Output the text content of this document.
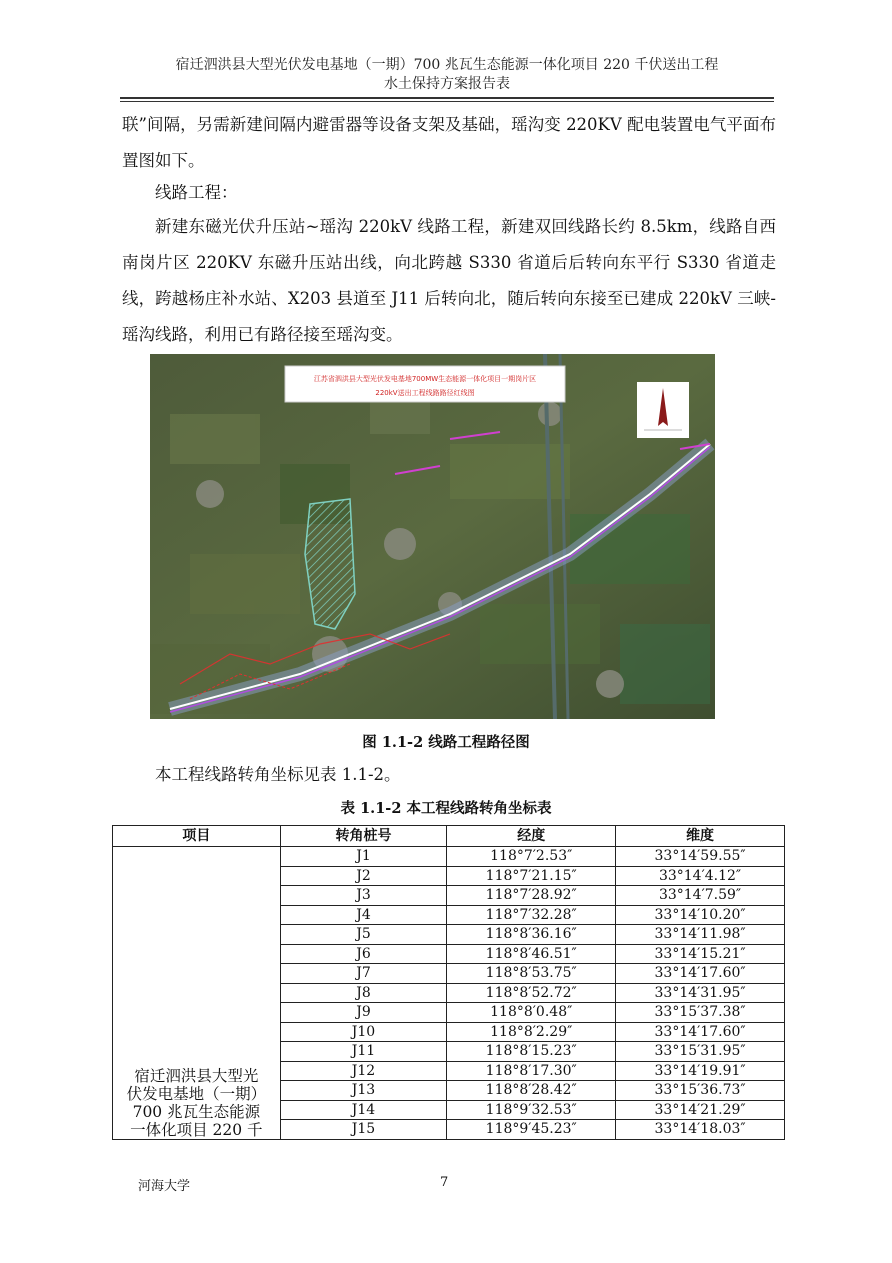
宿迁泗洪县大型光伏发电基地（一期）700 兆瓦生态能源一体化项目 220 千伏送出工程
水土保持方案报告表
联”间隔，另需新建间隔内避雷器等设备支架及基础，瑶沟变 220KV 配电装置电气平面布置图如下。
线路工程：
新建东磁光伏升压站~瑶沟 220kV 线路工程，新建双回线路长约 8.5km，线路自西南岗片区 220KV 东磁升压站出线，向北跨越 S330 省道后后转向东平行 S330 省道走线，跨越杨庄补水站、X203 县道至 J11 后转向北，随后转向东接至已建成 220kV 三峡-瑶沟线路，利用已有路径接至瑶沟变。
江苏省泗洪县大型光伏发电基地700MW生态能源一体化项目一期岗片区
220kV送出工程线路路径红线图
图 1.1-2 线路工程路径图
本工程线路转角坐标见表 1.1-2。
表 1.1-2 本工程线路转角坐标表
项目	转角桩号	经度	维度

宿迁泗洪县大型光
伏发电基地（一期）
700 兆瓦生态能源
一体化项目 220 千	J1	118°7′2.53″	33°14′59.55″
	J2	118°7′21.15″	33°14′4.12″
	J3	118°7′28.92″	33°14′7.59″
	J4	118°7′32.28″	33°14′10.20″
	J5	118°8′36.16″	33°14′11.98″
	J6	118°8′46.51″	33°14′15.21″
	J7	118°8′53.75″	33°14′17.60″
	J8	118°8′52.72″	33°14′31.95″
	J9	118°8′0.48″	33°15′37.38″
	J10	118°8′2.29″	33°14′17.60″
	J11	118°8′15.23″	33°15′31.95″
	J12	118°8′17.30″	33°14′19.91″
	J13	118°8′28.42″	33°15′36.73″
	J14	118°9′32.53″	33°14′21.29″
	J15	118°9′45.23″	33°14′18.03″
河海大学	7
